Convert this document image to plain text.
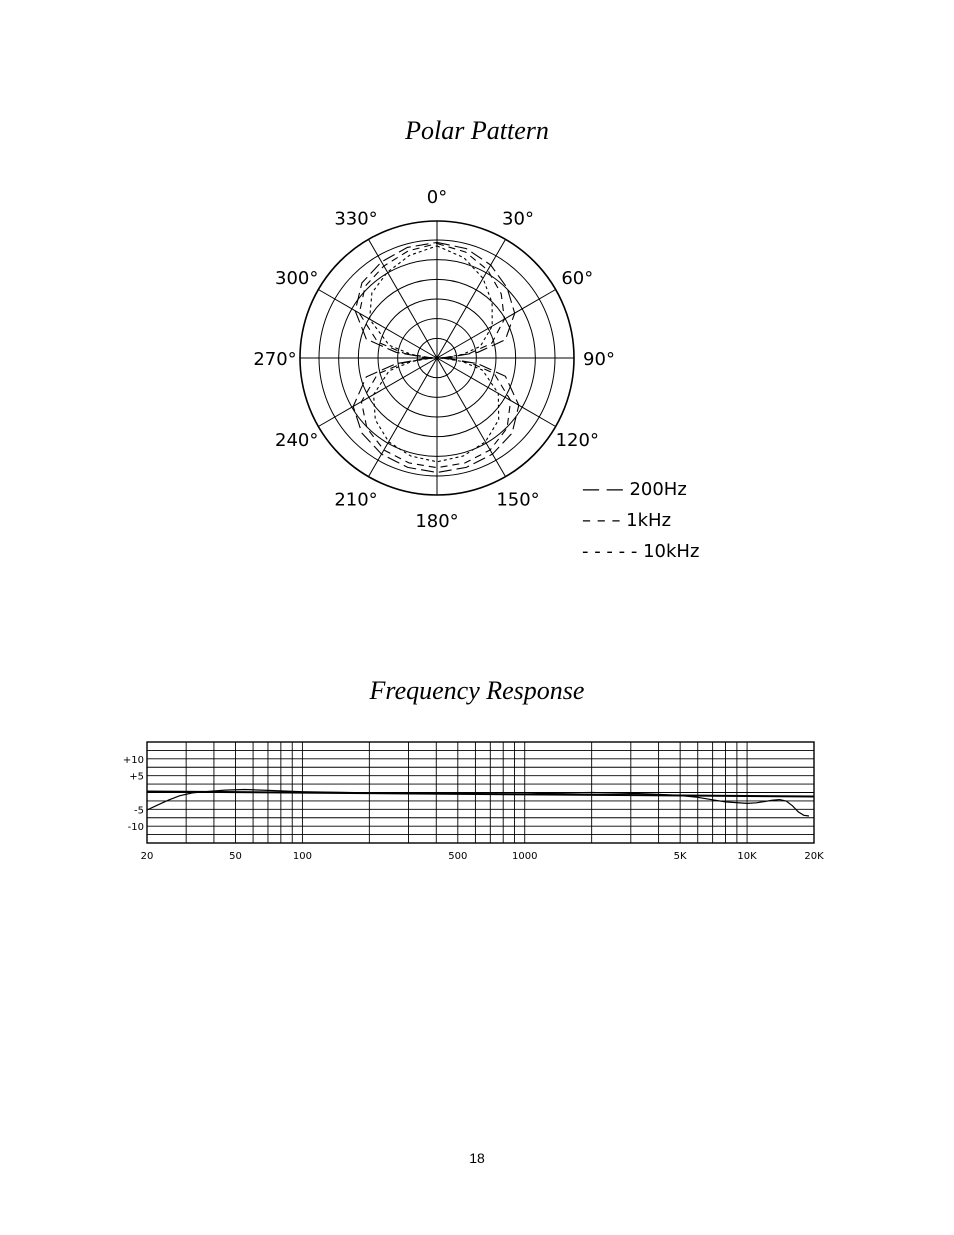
Polar Pattern
0°
30°
60°
90°
120°
150°
180°
210°
240°
270°
300°
330°
— — 200Hz
– – – 1kHz
- - - - - 10kHz
Frequency Response
+10
+5
-5
-10
20	50	100	500	1000	5K	10K	20K
18
